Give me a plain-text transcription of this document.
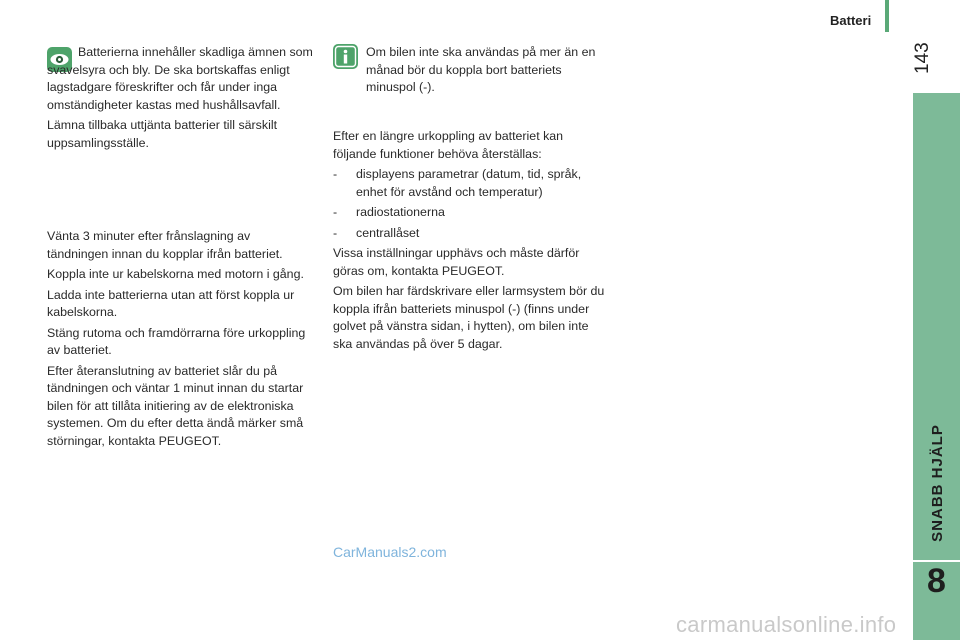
Batteri
143
SNABB HJÄLP
8

Batterierna innehåller skadliga ämnen som svavelsyra och bly. De ska bortskaffas enligt lagstadgare föreskrifter och får under inga omständigheter kastas med hushållsavfall.

Lämna tillbaka uttjänta batterier till särskilt uppsamlingsställe.

Vänta 3 minuter efter frånslagning av tändningen innan du kopplar ifrån batteriet.

Koppla inte ur kabelskorna med motorn i gång.

Ladda inte batterierna utan att först koppla ur kabelskorna.

Stäng rutoma och framdörrarna före urkoppling av batteriet.

Efter återanslutning av batteriet slår du på tändningen och väntar 1 minut innan du startar bilen för att tillåta initiering av de elektroniska systemen. Om du efter detta ändå märker små störningar, kontakta PEUGEOT.

Om bilen inte ska användas på mer än en månad bör du koppla bort batteriets minuspol (-).

Efter en längre urkoppling av batteriet kan följande funktioner behöva återställas:

-	displayens parametrar (datum, tid, språk, enhet för avstånd och temperatur)
-	radiostationerna
-	centrallåset

Vissa inställningar upphävs och måste därför göras om, kontakta PEUGEOT.

Om bilen har färdskrivare eller larmsystem bör du koppla ifrån batteriets minuspol (-) (finns under golvet på vänstra sidan, i hytten), om bilen inte ska användas på över 5 dagar.

CarManuals2.com
carmanualsonline.info
